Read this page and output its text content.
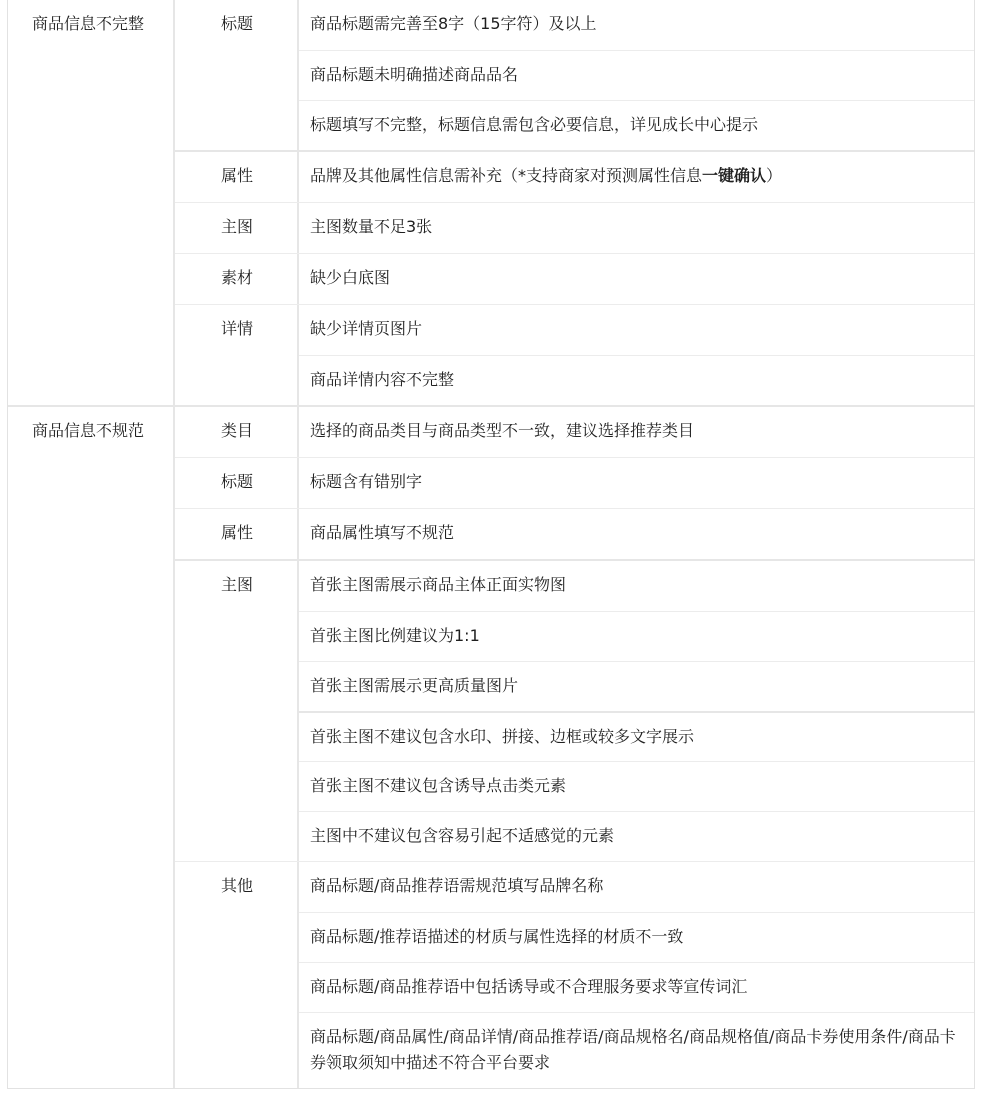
商品信息不完整	标题	商品标题需完善至8字（15字符）及以上
商品标题未明确描述商品品名
标题填写不完整，标题信息需包含必要信息，详见成长中心提示
属性	品牌及其他属性信息需补充（*支持商家对预测属性信息一键确认）
主图	主图数量不足3张
素材	缺少白底图
详情	缺少详情页图片
商品详情内容不完整
商品信息不规范	类目	选择的商品类目与商品类型不一致，建议选择推荐类目
标题	标题含有错别字
属性	商品属性填写不规范
主图	首张主图需展示商品主体正面实物图
首张主图比例建议为1:1
首张主图需展示更高质量图片
首张主图不建议包含水印、拼接、边框或较多文字展示
首张主图不建议包含诱导点击类元素
主图中不建议包含容易引起不适感觉的元素
其他	商品标题/商品推荐语需规范填写品牌名称
商品标题/推荐语描述的材质与属性选择的材质不一致
商品标题/商品推荐语中包括诱导或不合理服务要求等宣传词汇
商品标题/商品属性/商品详情/商品推荐语/商品规格名/商品规格值/商品卡券使用条件/商品卡券领取须知中描述不符合平台要求
